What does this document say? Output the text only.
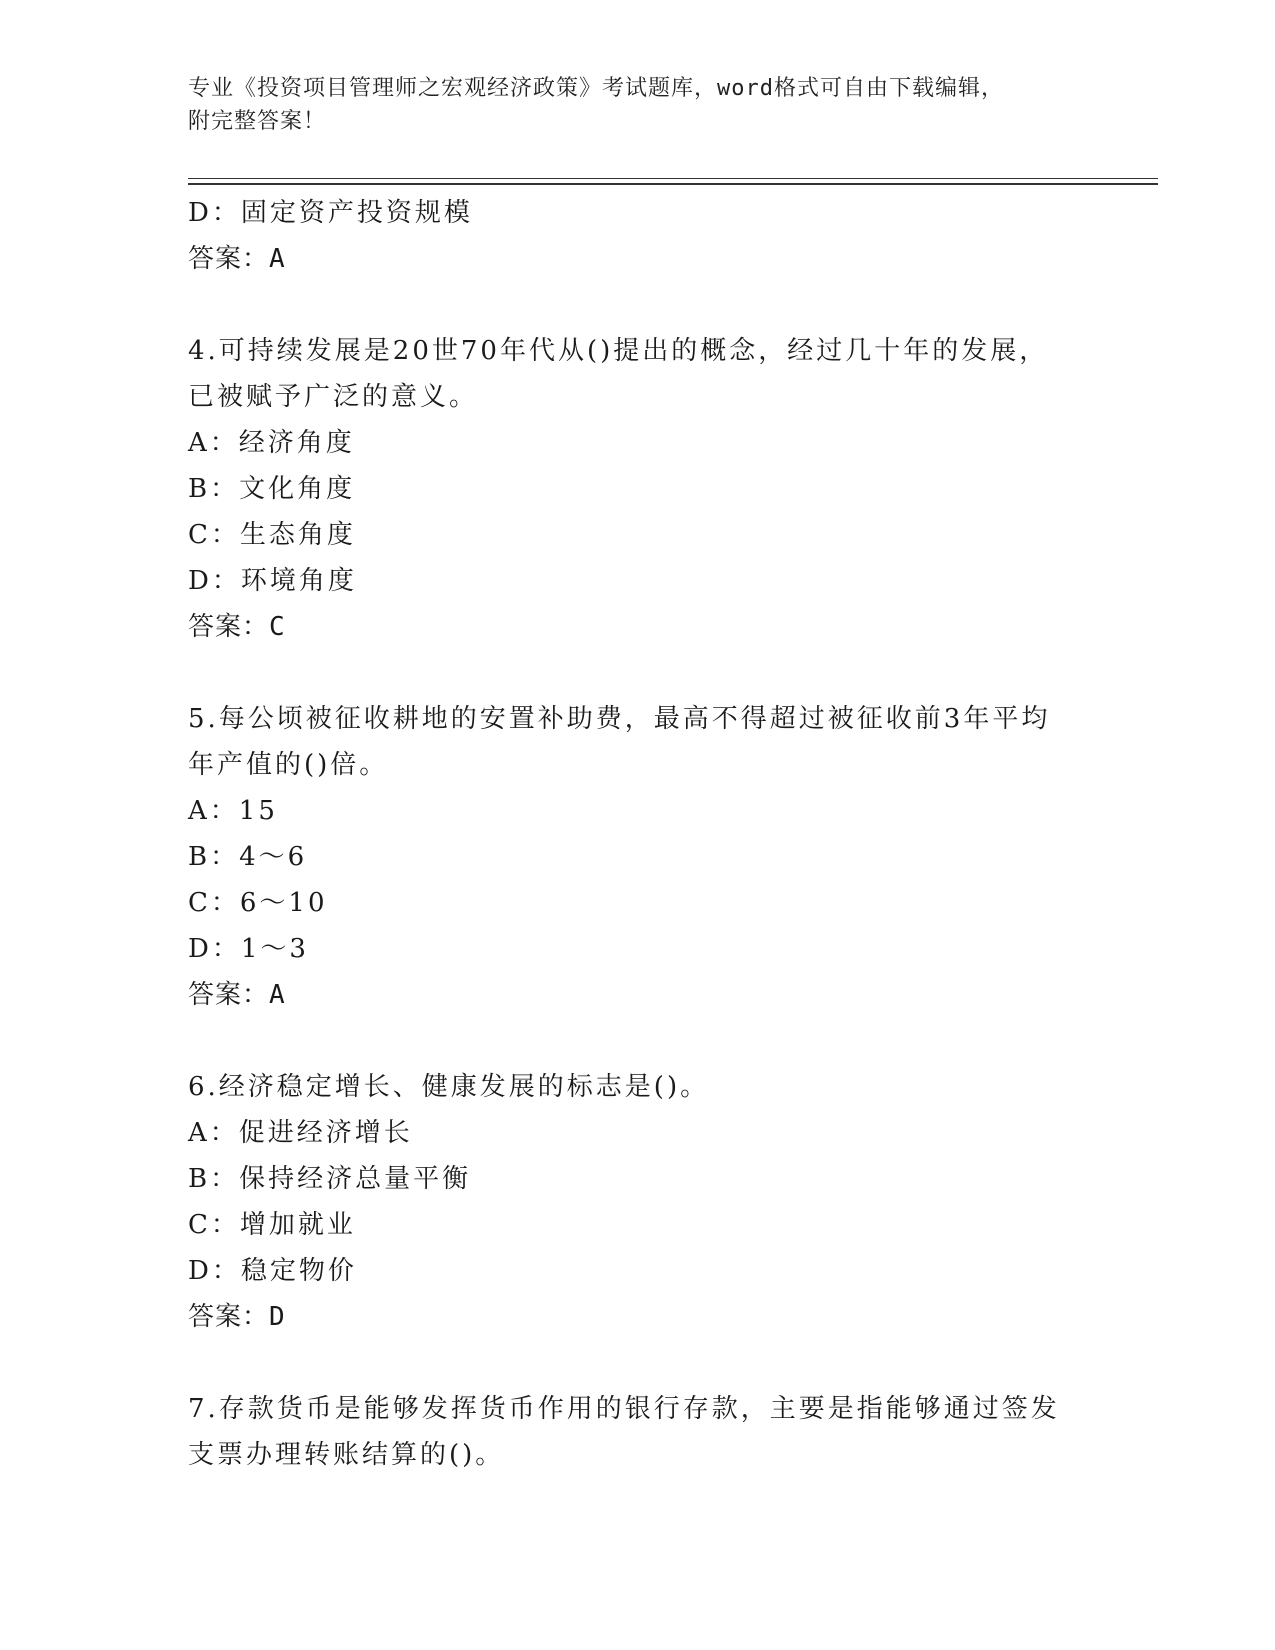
专业《投资项目管理师之宏观经济政策》考试题库，word格式可自由下载编辑，
附完整答案！
D：固定资产投资规模
答案：A
4.可持续发展是20世70年代从()提出的概念，经过几十年的发展，
已被赋予广泛的意义。
A：经济角度
B：文化角度
C：生态角度
D：环境角度
答案：C
5.每公顷被征收耕地的安置补助费，最高不得超过被征收前3年平均
年产值的()倍。
A：15
B：4～6
C：6～10
D：1～3
答案：A
6.经济稳定增长、健康发展的标志是()。
A：促进经济增长
B：保持经济总量平衡
C：增加就业
D：稳定物价
答案：D
7.存款货币是能够发挥货币作用的银行存款，主要是指能够通过签发
支票办理转账结算的()。
